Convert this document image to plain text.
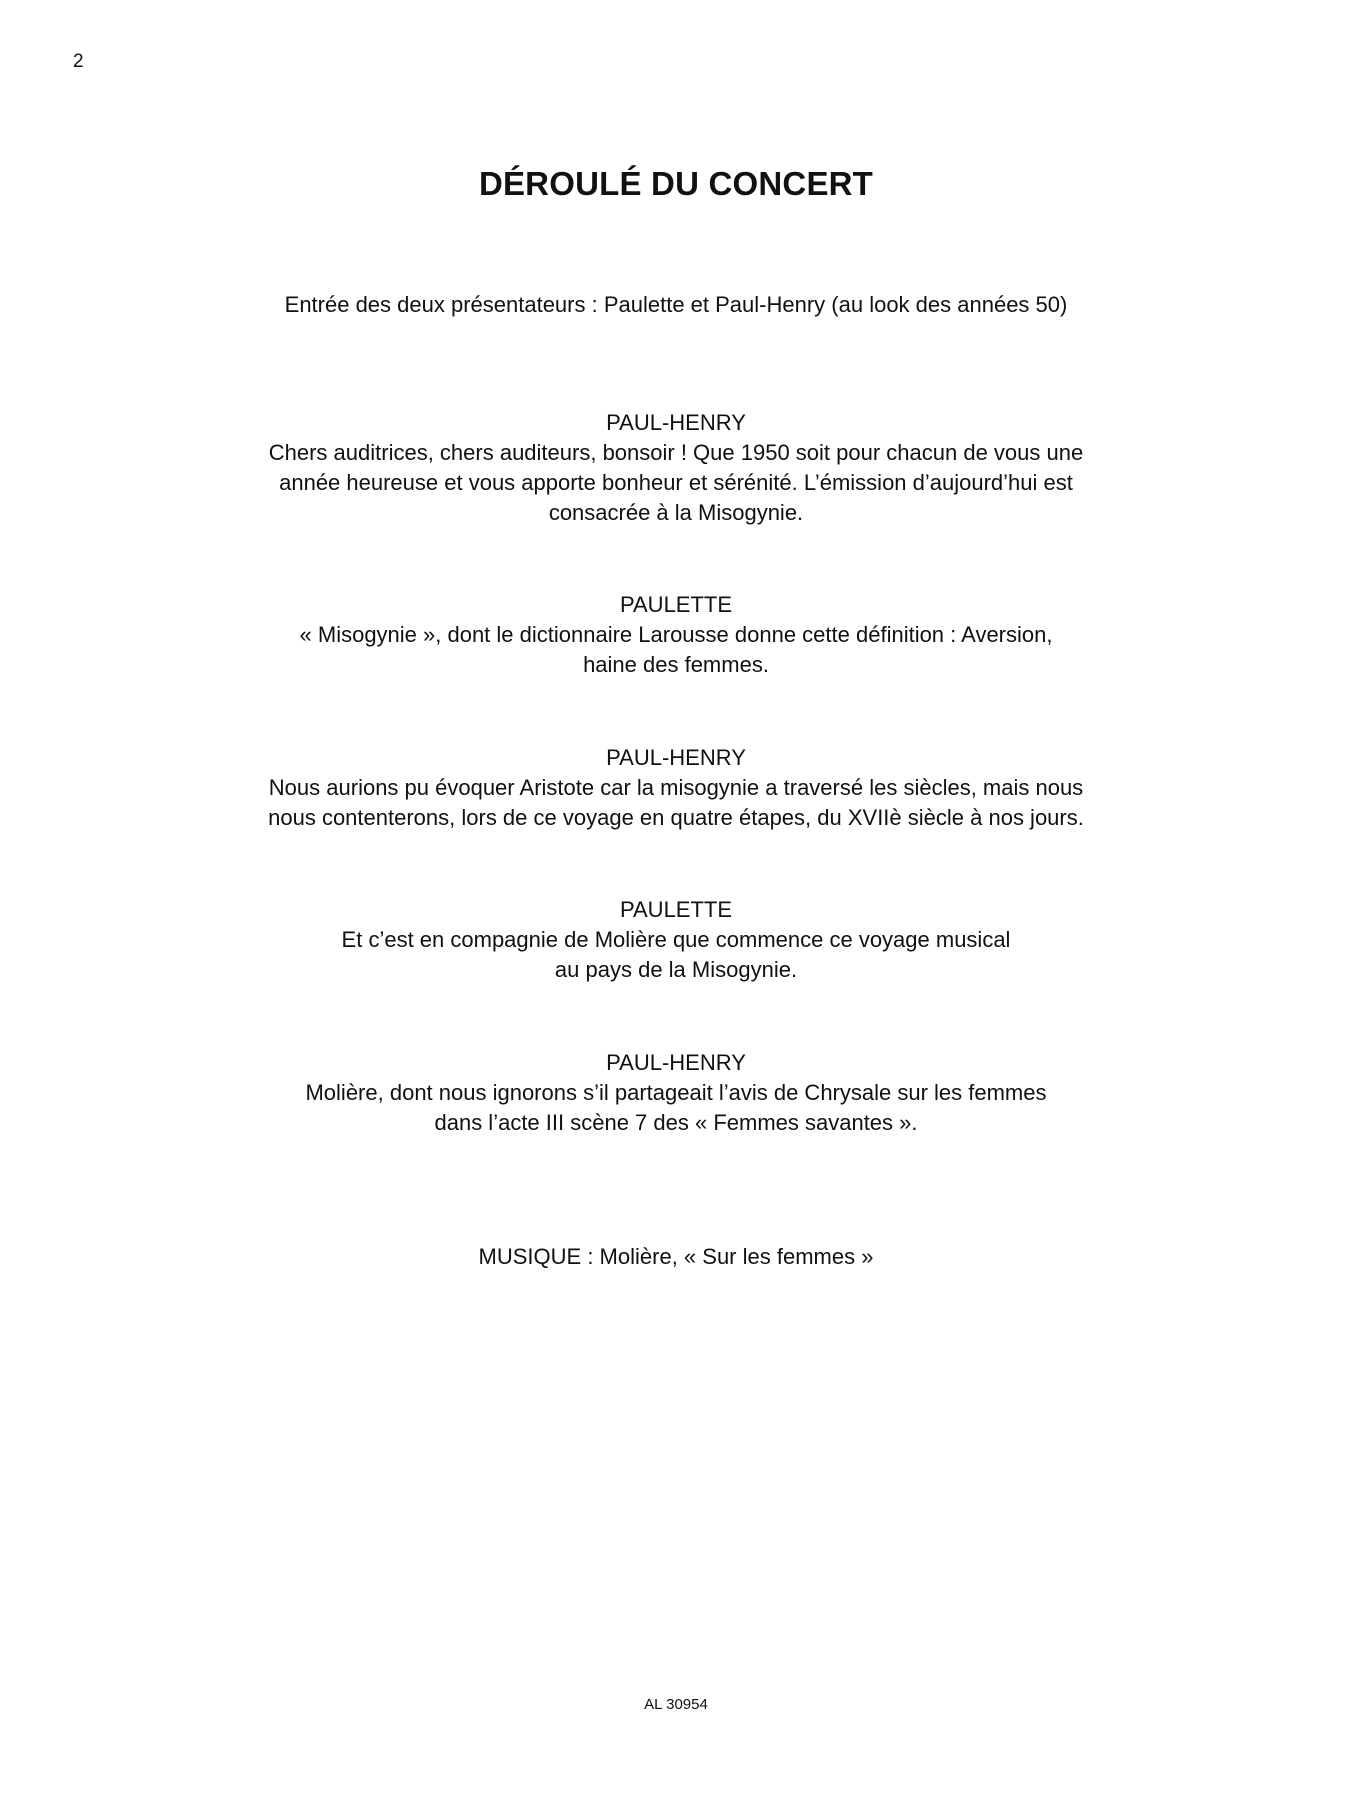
2
DÉROULÉ DU CONCERT

Entrée des deux présentateurs : Paulette et Paul-Henry (au look des années 50)

PAUL-HENRY

Chers auditrices, chers auditeurs, bonsoir ! Que 1950 soit pour chacun de vous une

année heureuse et vous apporte bonheur et sérénité. L’émission d’aujourd’hui est

consacrée à la Misogynie.

PAULETTE

« Misogynie », dont le dictionnaire Larousse donne cette définition : Aversion,

haine des femmes.

PAUL-HENRY

Nous aurions pu évoquer Aristote car la misogynie a traversé les siècles, mais nous

nous contenterons, lors de ce voyage en quatre étapes, du XVIIè siècle à nos jours.

PAULETTE

Et c’est en compagnie de Molière que commence ce voyage musical

au pays de la Misogynie.

PAUL-HENRY

Molière, dont nous ignorons s’il partageait l’avis de Chrysale sur les femmes

dans l’acte III scène 7 des « Femmes savantes ».

MUSIQUE : Molière, « Sur les femmes »

AL 30954
